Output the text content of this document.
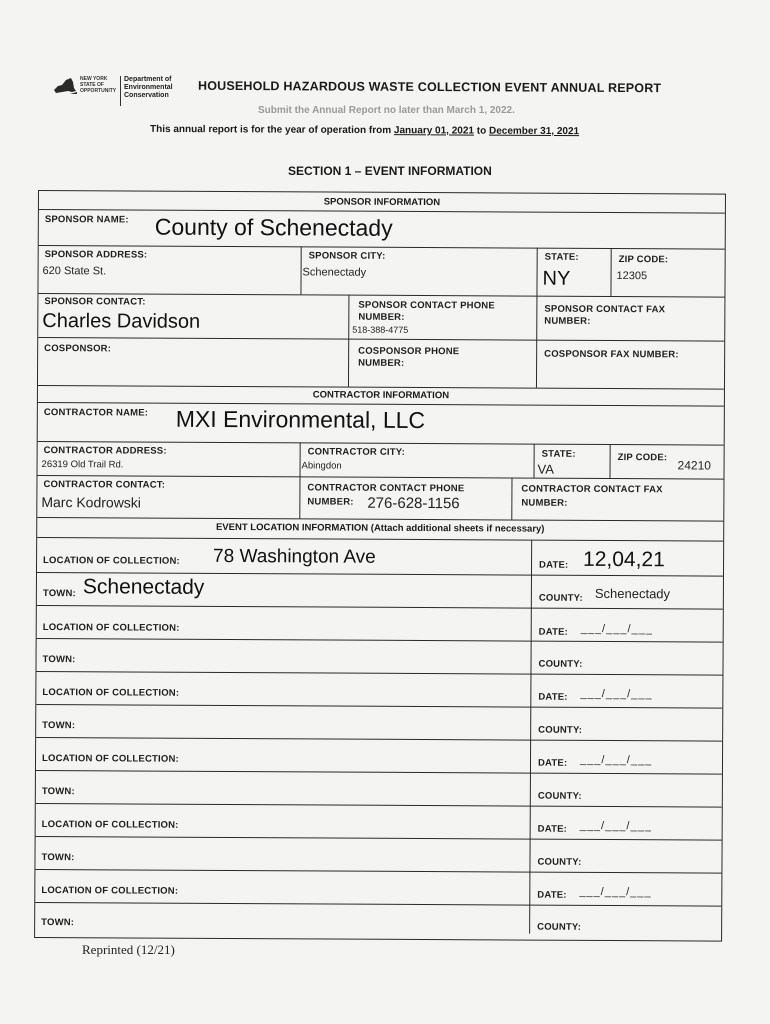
NEW YORK STATE OF OPPORTUNITY
Department of Environmental Conservation
HOUSEHOLD HAZARDOUS WASTE COLLECTION EVENT ANNUAL REPORT
Submit the Annual Report no later than March 1, 2022.
This annual report is for the year of operation from January 01, 2021 to December 31, 2021
SECTION 1 – EVENT INFORMATION
SPONSOR INFORMATION
SPONSOR NAME: County of Schenectady
SPONSOR ADDRESS:
620 State St.
SPONSOR CITY:
Schenectady
STATE:
NY
ZIP CODE:
12305
SPONSOR CONTACT:
Charles Davidson
SPONSOR CONTACT PHONE
NUMBER:
518-388-4775
SPONSOR CONTACT FAX
NUMBER:
COSPONSOR:	COSPONSOR PHONE
NUMBER:
COSPONSOR FAX NUMBER:
CONTRACTOR INFORMATION
CONTRACTOR NAME: MXI Environmental, LLC
CONTRACTOR ADDRESS:
26319 Old Trail Rd.
CONTRACTOR CITY:
Abingdon
STATE:
VA
ZIP CODE:
24210
CONTRACTOR CONTACT:
Marc Kodrowski
CONTRACTOR CONTACT PHONE
NUMBER: 276-628-1156
CONTRACTOR CONTACT FAX
NUMBER:
EVENT LOCATION INFORMATION (Attach additional sheets if necessary)
LOCATION OF COLLECTION: 78 Washington Ave	DATE: 12,04,21
TOWN: Schenectady	COUNTY: Schenectady
LOCATION OF COLLECTION:	DATE: ___/___/___
TOWN:	COUNTY:
LOCATION OF COLLECTION:	DATE: ___/___/___
TOWN:	COUNTY:
LOCATION OF COLLECTION:	DATE: ___/___/___
TOWN:	COUNTY:
LOCATION OF COLLECTION:	DATE: ___/___/___
TOWN:	COUNTY:
LOCATION OF COLLECTION:	DATE: ___/___/___
TOWN:	COUNTY:
Reprinted (12/21)
